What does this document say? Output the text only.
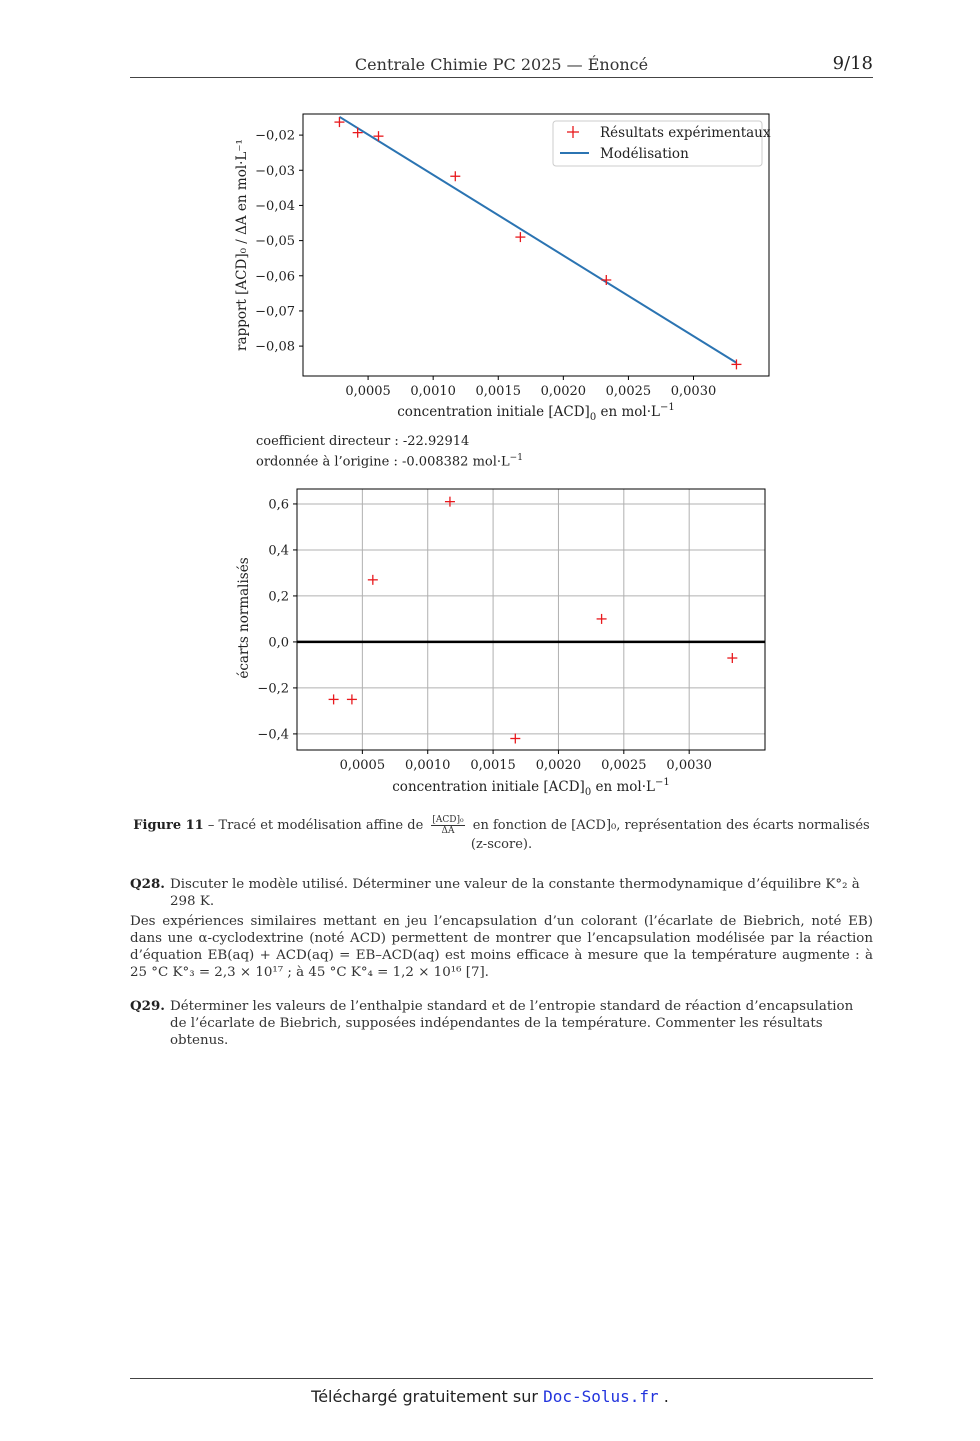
Centrale Chimie PC 2025 — Énoncé	9/18
0,0005 0,0010 0,0015 0,0020 0,0025 0,0030
−0,02
−0,03
−0,04
−0,05
−0,06
−0,07
−0,08
Résultats expérimentaux
Modélisation
concentration initiale $[ACD]_0$ en $mol\cdot L^{-1}$
rapport [ACD]₀ / ΔA en mol·L⁻¹
coefficient directeur : -22.92914
ordonnée à l’origine : -0.008382 $mol\cdot L^{-1}$
0,0005 0,0010 0,0015 0,0020 0,0025 0,0030
0,6
0,4
0,2
0,0
−0,2
−0,4
concentration initiale $[ACD]_0$ en $mol\cdot L^{-1}$
écarts normalisés
Figure 11 – Tracé et modélisation affine de $\frac{\text{[ACD]₀}}{\Delta A}$ en fonction de [ACD]₀, représentation des écarts normalisés
(z-score).
Q28. Discuter le modèle utilisé. Déterminer une valeur de la constante thermodynamique d’équilibre K°₂ à 298 K.
Des expériences similaires mettant en jeu l’encapsulation d’un colorant (l’écarlate de Biebrich, noté EB) dans une α-cyclodextrine (noté ACD) permettent de montrer que l’encapsulation modélisée par la réaction d’équation EB(aq) + ACD(aq) = EB–ACD(aq) est moins efficace à mesure que la température augmente : à 25 °C K°₃ = 2,3 × 10¹⁷ ; à 45 °C K°₄ = 1,2 × 10¹⁶ [7].
Q29. Déterminer les valeurs de l’enthalpie standard et de l’entropie standard de réaction d’encapsulation de l’écarlate de Biebrich, supposées indépendantes de la température. Commenter les résultats obtenus.
Téléchargé gratuitement sur Doc-Solus.fr .
